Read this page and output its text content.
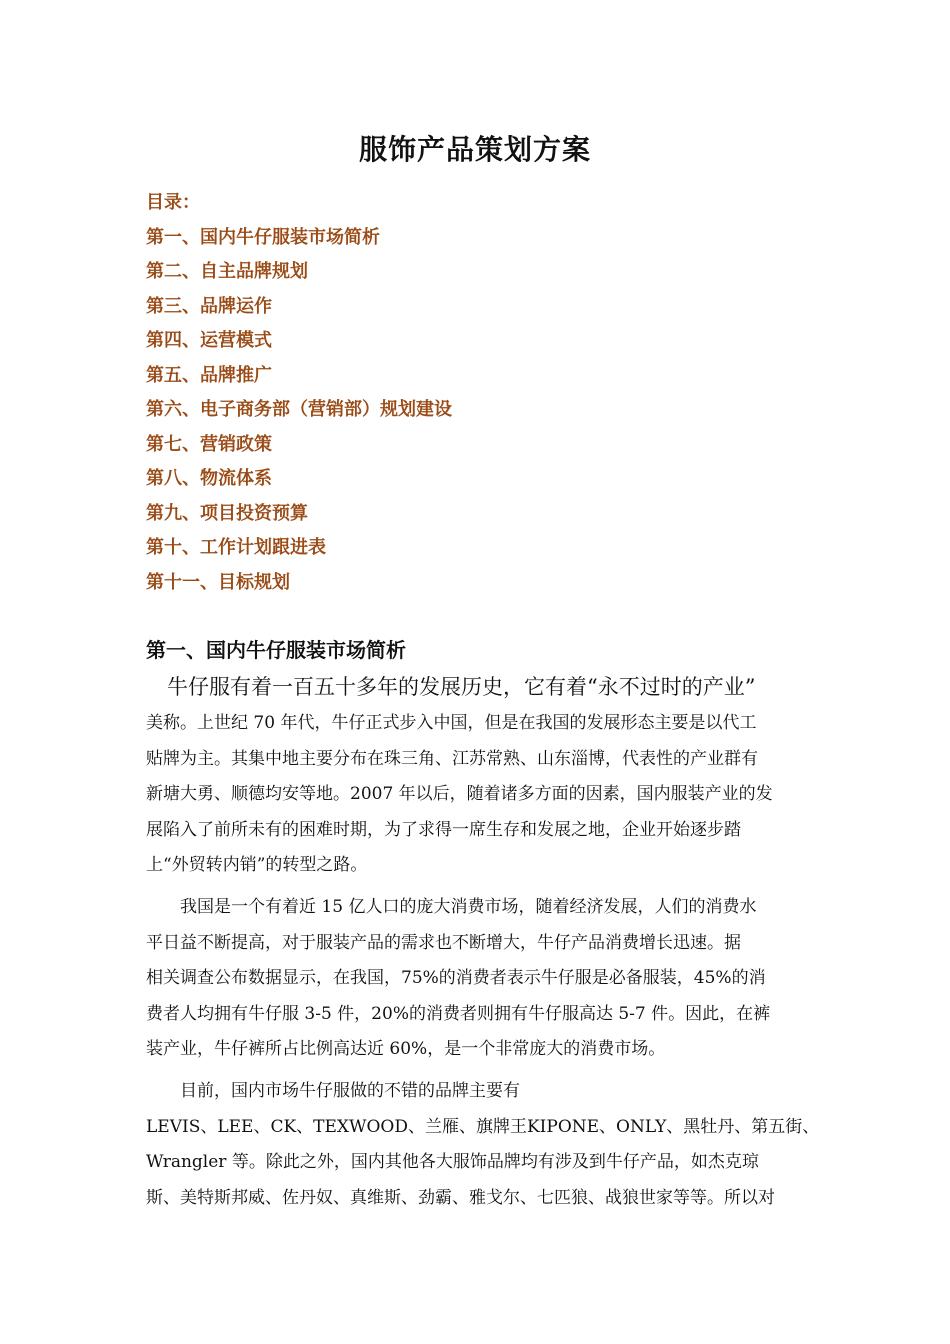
服饰产品策划方案
目录：
第一、国内牛仔服装市场简析
第二、自主品牌规划
第三、品牌运作
第四、运营模式
第五、品牌推广
第六、电子商务部（营销部）规划建设
第七、营销政策
第八、物流体系
第九、项目投资预算
第十、工作计划跟进表
第十一、目标规划
第一、国内牛仔服装市场简析
　牛仔服有着一百五十多年的发展历史，它有着“永不过时的产业”
美称。上世纪 70 年代，牛仔正式步入中国，但是在我国的发展形态主要是以代工
贴牌为主。其集中地主要分布在珠三角、江苏常熟、山东淄博，代表性的产业群有
新塘大勇、顺德均安等地。2007 年以后，随着诸多方面的因素，国内服装产业的发
展陷入了前所未有的困难时期，为了求得一席生存和发展之地，企业开始逐步踏
上“外贸转内销”的转型之路。
　　我国是一个有着近 15 亿人口的庞大消费市场，随着经济发展，人们的消费水
平日益不断提高，对于服装产品的需求也不断增大，牛仔产品消费增长迅速。据
相关调查公布数据显示，在我国，75%的消费者表示牛仔服是必备服装，45%的消
费者人均拥有牛仔服 3-5 件，20%的消费者则拥有牛仔服高达 5-7 件。因此，在裤
装产业，牛仔裤所占比例高达近 60%，是一个非常庞大的消费市场。
　　目前，国内市场牛仔服做的不错的品牌主要有
LEVIS、LEE、CK、TEXWOOD、兰雁、旗牌王KIPONE、ONLY、黑牡丹、第五街、
Wrangler 等。除此之外，国内其他各大服饰品牌均有涉及到牛仔产品，如杰克琼
斯、美特斯邦威、佐丹奴、真维斯、劲霸、雅戈尔、七匹狼、战狼世家等等。所以对
